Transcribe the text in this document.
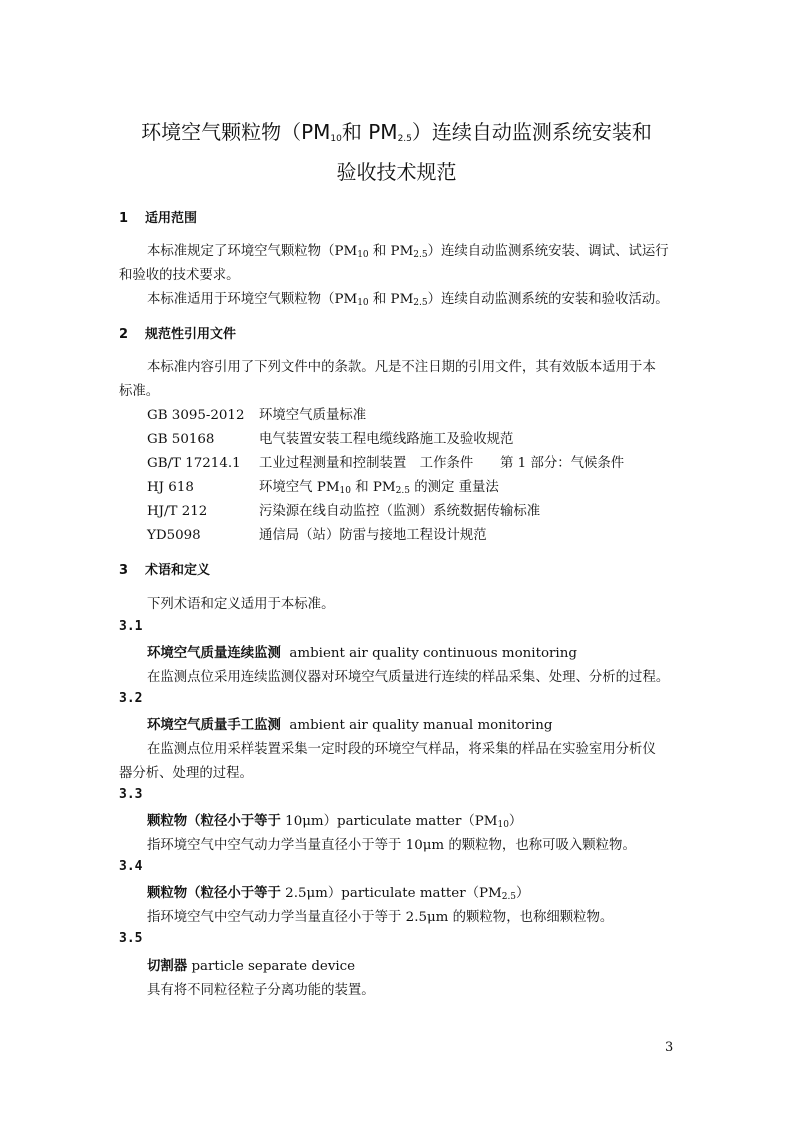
环境空气颗粒物（$PM_{10}$和 $PM_{2.5}$）连续自动监测系统安装和
验收技术规范
1 适用范围
本标准规定了环境空气颗粒物（$PM_{10}$ 和 $PM_{2.5}$）连续自动监测系统安装、调试、试运行
和验收的技术要求。
本标准适用于环境空气颗粒物（$PM_{10}$ 和 $PM_{2.5}$）连续自动监测系统的安装和验收活动。
2 规范性引用文件
本标准内容引用了下列文件中的条款。凡是不注日期的引用文件，其有效版本适用于本
标准。
GB 3095-2012 环境空气质量标准
GB 50168	电气装置安装工程电缆线路施工及验收规范
GB/T 17214.1 工业过程测量和控制装置　工作条件　　第 1 部分：气候条件
HJ 618	环境空气 $PM_{10}$ 和 $PM_{2.5}$ 的测定 重量法
HJ/T 212	污染源在线自动监控（监测）系统数据传输标准
YD5098	通信局（站）防雷与接地工程设计规范
3 术语和定义
下列术语和定义适用于本标准。
3.1
环境空气质量连续监测 ambient air quality continuous monitoring
在监测点位采用连续监测仪器对环境空气质量进行连续的样品采集、处理、分析的过程。
3.2
环境空气质量手工监测 ambient air quality manual monitoring
在监测点位用采样装置采集一定时段的环境空气样品，将采集的样品在实验室用分析仪
器分析、处理的过程。
3.3
颗粒物（粒径小于等于 10μm）particulate $matter(PM_{10})$
指环境空气中空气动力学当量直径小于等于 10μm 的颗粒物，也称可吸入颗粒物。
3.4
颗粒物（粒径小于等于 2.5μm）particulate $matter(PM_{2.5})$
指环境空气中空气动力学当量直径小于等于 2.5μm 的颗粒物，也称细颗粒物。
3.5
切割器 particle separate device
具有将不同粒径粒子分离功能的装置。
3
